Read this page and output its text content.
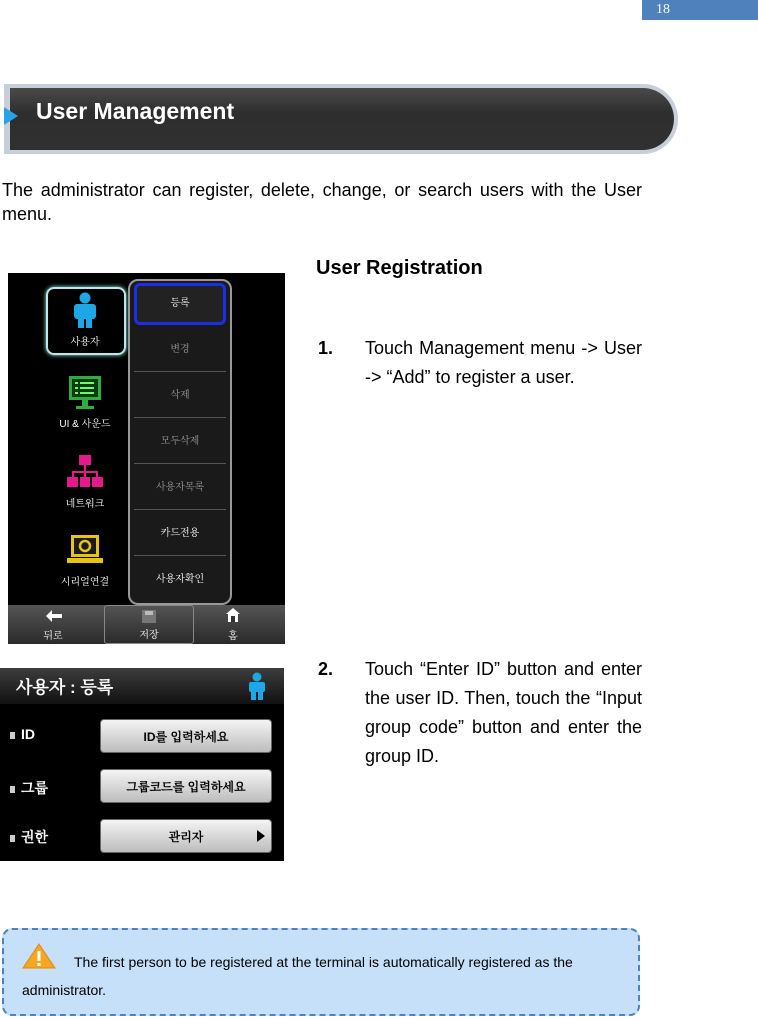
18
User Management
The administrator can register, delete, change, or search users with the User menu.
User Registration
1. Touch Management menu -> User -> “Add” to register a user.
2. Touch “Enter ID” button and enter the user ID. Then, touch the “Input group code” button and enter the group ID.
사용자
UI & 사운드
네트워크
시리얼연결
등록
변경
삭제
모두삭제
사용자목록
카드전용
사용자확인
뒤로	저장	홈
사용자 : 등록
ID	ID를 입력하세요
그룹	그룹코드를 입력하세요
권한	관리자
The first person to be registered at the terminal is automatically registered as the administrator.
